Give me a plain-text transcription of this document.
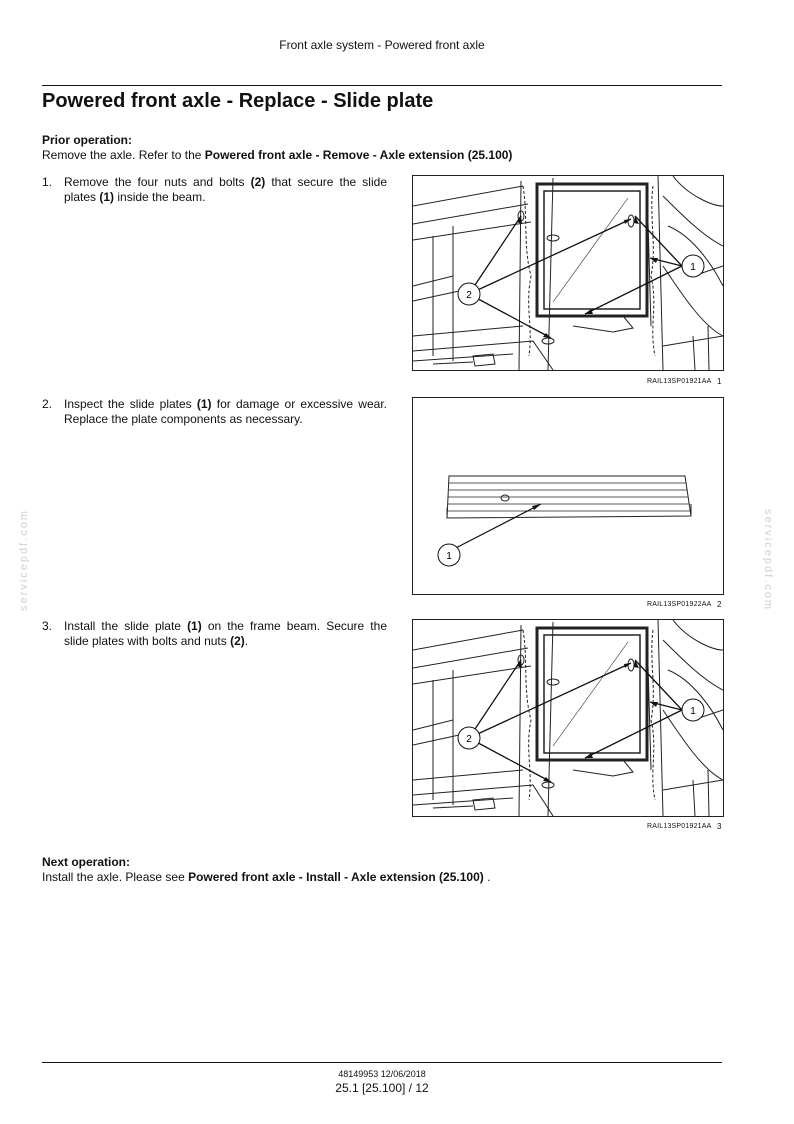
Front axle system - Powered front axle
Powered front axle - Replace - Slide plate
Prior operation:
Remove the axle. Refer to the Powered front axle - Remove - Axle extension (25.100)
1. Remove the four nuts and bolts (2) that secure the slide plates (1) inside the beam.
1
2
RAIL13SP01921AA 1
2. Inspect the slide plates (1) for damage or excessive wear. Replace the plate components as necessary.
1
RAIL13SP01922AA 2
3. Install the slide plate (1) on the frame beam. Secure the slide plates with bolts and nuts (2).
1
2
RAIL13SP01921AA 3
Next operation:
Install the axle. Please see Powered front axle - Install - Axle extension (25.100) .
servicepdf.com	servicepdf.com
48149953 12/06/2018
25.1 [25.100] / 12
